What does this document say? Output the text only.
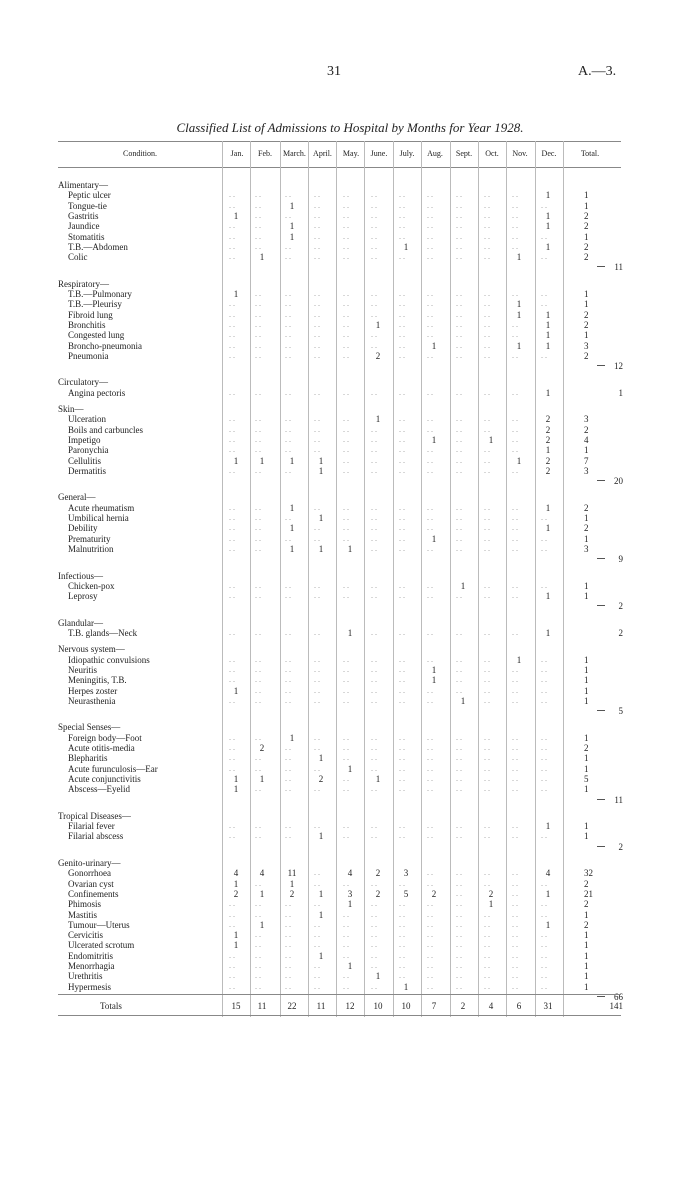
31	A.—3.
Classified List of Admissions to Hospital by Months for Year 1928.
Condition.	Jan.	Feb.	March. April.	May.	June.	July.	Aug.	Sept.	Oct.	Nov.	Dec.	Total.
Alimentary—
Peptic ulcer	. .	. .	. .	. .	. .	. .	. .	. .	. .	. .	. .	1	1
Tongue-tie	. .	. .	1	. .	. .	. .	. .	. .	. .	. .	. .	. .	1
Gastritis	1	. .	. .	. .	. .	. .	. .	. .	. .	. .	. .	1	2
Jaundice	. .	. .	1	. .	. .	. .	. .	. .	. .	. .	. .	1	2
Stomatitis	. .	. .	1	. .	. .	. .	. .	. .	. .	. .	. .	. .	1
T.B.—Abdomen	. .	. .	. .	. .	. .	. .	1	. .	. .	. .	. .	1	2
Colic	. .	1	. .	. .	. .	. .	. .	. .	. .	. .	1	. .	2
11
Respiratory—
T.B.—Pulmonary	1	. .	. .	. .	. .	. .	. .	. .	. .	. .	. .	. .	1
T.B.—Pleurisy	. .	. .	. .	. .	. .	. .	. .	. .	. .	. .	1	. .	1
Fibroid lung	. .	. .	. .	. .	. .	. .	. .	. .	. .	. .	1	1	2
Bronchitis	. .	. .	. .	. .	. .	1	. .	. .	. .	. .	. .	1	2
Congested lung	. .	. .	. .	. .	. .	. .	. .	. .	. .	. .	. .	1	1
Broncho-pneumonia	. .	. .	. .	. .	. .	. .	. .	1	. .	. .	1	1	3
Pneumonia	. .	. .	. .	. .	. .	2	. .	. .	. .	. .	. .	. .	2
12
Circulatory—
Angina pectoris	. .	. .	. .	. .	. .	. .	. .	. .	. .	. .	. .	1	1
Skin—
Ulceration	. .	. .	. .	. .	. .	1	. .	. .	. .	. .	. .	2	3
Boils and carbuncles	. .	. .	. .	. .	. .	. .	. .	. .	. .	. .	. .	2	2
Impetigo	. .	. .	. .	. .	. .	. .	. .	1	. .	1	. .	2	4
Paronychia	. .	. .	. .	. .	. .	. .	. .	. .	. .	. .	. .	1	1
Cellulitis	1	1	1	1	. .	. .	. .	. .	. .	. .	1	2	7
Dermatitis	. .	. .	. .	1	. .	. .	. .	. .	. .	. .	. .	2	3
20
General—
Acute rheumatism	. .	. .	1	. .	. .	. .	. .	. .	. .	. .	. .	1	2
Umbilical hernia	. .	. .	. .	1	. .	. .	. .	. .	. .	. .	. .	. .	1
Debility	. .	. .	1	. .	. .	. .	. .	. .	. .	. .	. .	1	2
Prematurity	. .	. .	. .	. .	. .	. .	. .	1	. .	. .	. .	. .	1
Malnutrition	. .	. .	1	1	1	. .	. .	. .	. .	. .	. .	. .	3
9
Infectious—
Chicken-pox	. .	. .	. .	. .	. .	. .	. .	. .	1	. .	. .	. .	1
Leprosy	. .	. .	. .	. .	. .	. .	. .	. .	. .	. .	. .	1	1
2
Glandular—
T.B. glands—Neck	. .	. .	. .	. .	1	. .	. .	. .	. .	. .	. .	1	2
Nervous system—
Idiopathic convulsions	. .	. .	. .	. .	. .	. .	. .	. .	. .	. .	1	. .	1
Neuritis	. .	. .	. .	. .	. .	. .	. .	1	. .	. .	. .	. .	1
Meningitis, T.B.	. .	. .	. .	. .	. .	. .	. .	1	. .	. .	. .	. .	1
Herpes zoster	1	. .	. .	. .	. .	. .	. .	. .	. .	. .	. .	. .	1
Neurasthenia	. .	. .	. .	. .	. .	. .	. .	. .	1	. .	. .	. .	1
5
Special Senses—
Foreign body—Foot	. .	. .	1	. .	. .	. .	. .	. .	. .	. .	. .	. .	1
Acute otitis-media	. .	2	. .	. .	. .	. .	. .	. .	. .	. .	. .	. .	2
Blepharitis	. .	. .	. .	1	. .	. .	. .	. .	. .	. .	. .	. .	1
Acute furunculosis—Ear	. .	. .	. .	. .	1	. .	. .	. .	. .	. .	. .	. .	1
Acute conjunctivitis	1	1	. .	2	. .	1	. .	. .	. .	. .	. .	. .	5
Abscess—Eyelid	1	. .	. .	. .	. .	. .	. .	. .	. .	. .	. .	. .	1
11
Tropical Diseases—
Filarial fever	. .	. .	. .	. .	. .	. .	. .	. .	. .	. .	. .	1	1
Filarial abscess	. .	. .	. .	1	. .	. .	. .	. .	. .	. .	. .	. .	1
2
Genito-urinary—
Gonorrhoea	4	4	11	. .	4	2	3	. .	. .	. .	. .	4	32
Ovarian cyst	1	. .	1	. .	. .	. .	. .	. .	. .	. .	. .	. .	2
Confinements	2	1	2	1	3	2	5	2	. .	2	. .	1	21
Phimosis	. .	. .	. .	. .	1	. .	. .	. .	. .	1	. .	. .	2
Mastitis	. .	. .	. .	1	. .	. .	. .	. .	. .	. .	. .	. .	1
Tumour—Uterus	. .	1	. .	. .	. .	. .	. .	. .	. .	. .	. .	1	2
Cervicitis	1	. .	. .	. .	. .	. .	. .	. .	. .	. .	. .	. .	1
Ulcerated scrotum	1	. .	. .	. .	. .	. .	. .	. .	. .	. .	. .	. .	1
Endomitritis	. .	. .	. .	1	. .	. .	. .	. .	. .	. .	. .	. .	1
Menorrhagia	. .	. .	. .	. .	1	. .	. .	. .	. .	. .	. .	. .	1
Urethritis	. .	. .	. .	. .	. .	1	. .	. .	. .	. .	. .	. .	1
Hypermesis	. .	. .	. .	. .	. .	. .	1	. .	. .	. .	. .	. .	1
66
Totals	15	11	22	11	12	10	10	7	2	4	6	31	141
